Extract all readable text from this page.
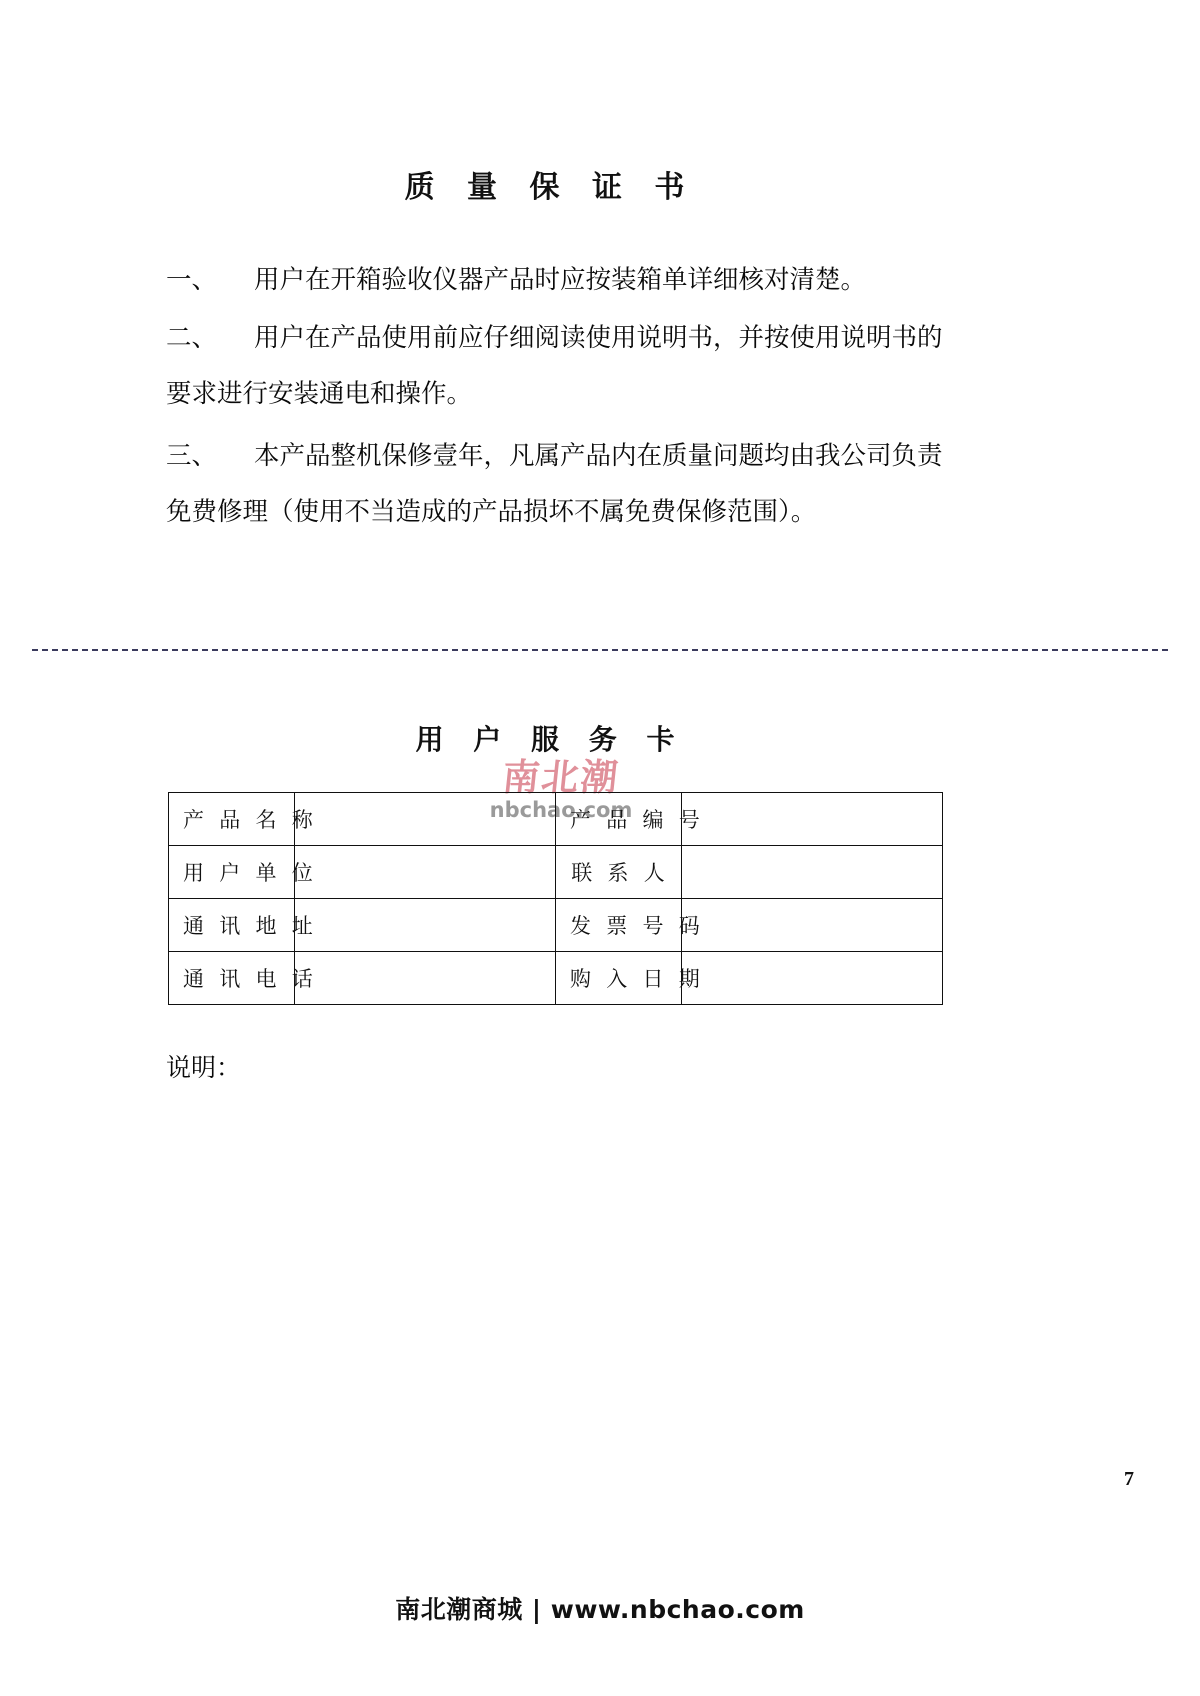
质 量 保 证 书
一、 用户在开箱验收仪器产品时应按装箱单详细核对清楚。
二、 用户在产品使用前应仔细阅读使用说明书，并按使用说明书的
要求进行安装通电和操作。
三、 本产品整机保修壹年，凡属产品内在质量问题均由我公司负责
免费修理（使用不当造成的产品损坏不属免费保修范围）。
用 户 服 务 卡
南北潮
nbchao.com
产 品 名 称		产 品 编 号	
用 户 单 位		联 系 人	
通 讯 地 址		发 票 号 码	
通 讯 电 话		购 入 日 期	
说明：
7
南北潮商城 | www.nbchao.com
